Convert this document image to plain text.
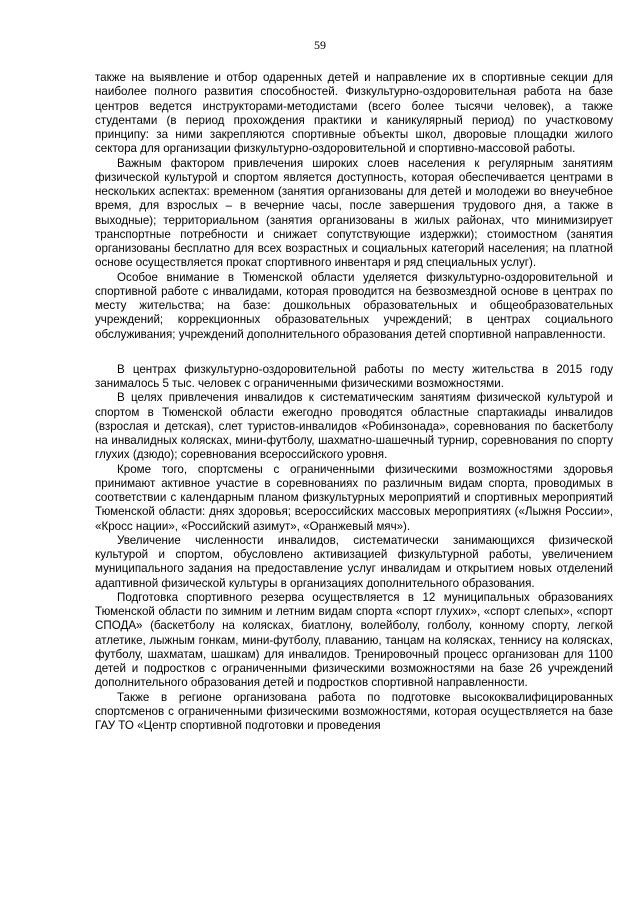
59

также на выявление и отбор одаренных детей и направление их в спортивные секции для наиболее полного развития способностей. Физкультурно-оздоровительная работа на базе центров ведется инструкторами-методистами (всего более тысячи человек), а также студентами (в период прохождения практики и каникулярный период) по участковому принципу: за ними закрепляются спортивные объекты школ, дворовые площадки жилого сектора для организации физкультурно-оздоровительной и спортивно-массовой работы.

Важным фактором привлечения широких слоев населения к регулярным занятиям физической культурой и спортом является доступность, которая обеспечивается центрами в нескольких аспектах: временном (занятия организованы для детей и молодежи во внеучебное время, для взрослых – в вечерние часы, после завершения трудового дня, а также в выходные); территориальном (занятия организованы в жилых районах, что минимизирует транспортные потребности и снижает сопутствующие издержки); стоимостном (занятия организованы бесплатно для всех возрастных и социальных категорий населения; на платной основе осуществляется прокат спортивного инвентаря и ряд специальных услуг).

Особое внимание в Тюменской области уделяется физкультурно-оздоровительной и спортивной работе с инвалидами, которая проводится на безвозмездной основе в центрах по месту жительства; на базе: дошкольных образовательных и общеобразовательных учреждений; коррекционных образовательных учреждений; в центрах социального обслуживания; учреждений дополнительного образования детей спортивной направленности.

В центрах физкультурно-оздоровительной работы по месту жительства в 2015 году занималось 5 тыс. человек с ограниченными физическими возможностями.

В целях привлечения инвалидов к систематическим занятиям физической культурой и спортом в Тюменской области ежегодно проводятся областные спартакиады инвалидов (взрослая и детская), слет туристов-инвалидов «Робинзонада», соревнования по баскетболу на инвалидных колясках, мини-футболу, шахматно-шашечный турнир, соревнования по спорту глухих (дзюдо); соревнования всероссийского уровня.

Кроме того, спортсмены с ограниченными физическими возможностями здоровья принимают активное участие в соревнованиях по различным видам спорта, проводимых в соответствии с календарным планом физкультурных мероприятий и спортивных мероприятий Тюменской области: днях здоровья; всероссийских массовых мероприятиях («Лыжня России», «Кросс нации», «Российский азимут», «Оранжевый мяч»).

Увеличение численности инвалидов, систематически занимающихся физической культурой и спортом, обусловлено активизацией физкультурной работы, увеличением муниципального задания на предоставление услуг инвалидам и открытием новых отделений адаптивной физической культуры в организациях дополнительного образования.

Подготовка спортивного резерва осуществляется в 12 муниципальных образованиях Тюменской области по зимним и летним видам спорта «спорт глухих», «спорт слепых», «спорт СПОДА» (баскетболу на колясках, биатлону, волейболу, голболу, конному спорту, легкой атлетике, лыжным гонкам, мини-футболу, плаванию, танцам на колясках, теннису на колясках, футболу, шахматам, шашкам) для инвалидов. Тренировочный процесс организован для 1100 детей и подростков с ограниченными физическими возможностями на базе 26 учреждений дополнительного образования детей и подростков спортивной направленности.

Также в регионе организована работа по подготовке высококвалифицированных спортсменов с ограниченными физическими возможностями, которая осуществляется на базе ГАУ ТО «Центр спортивной подготовки и проведения
